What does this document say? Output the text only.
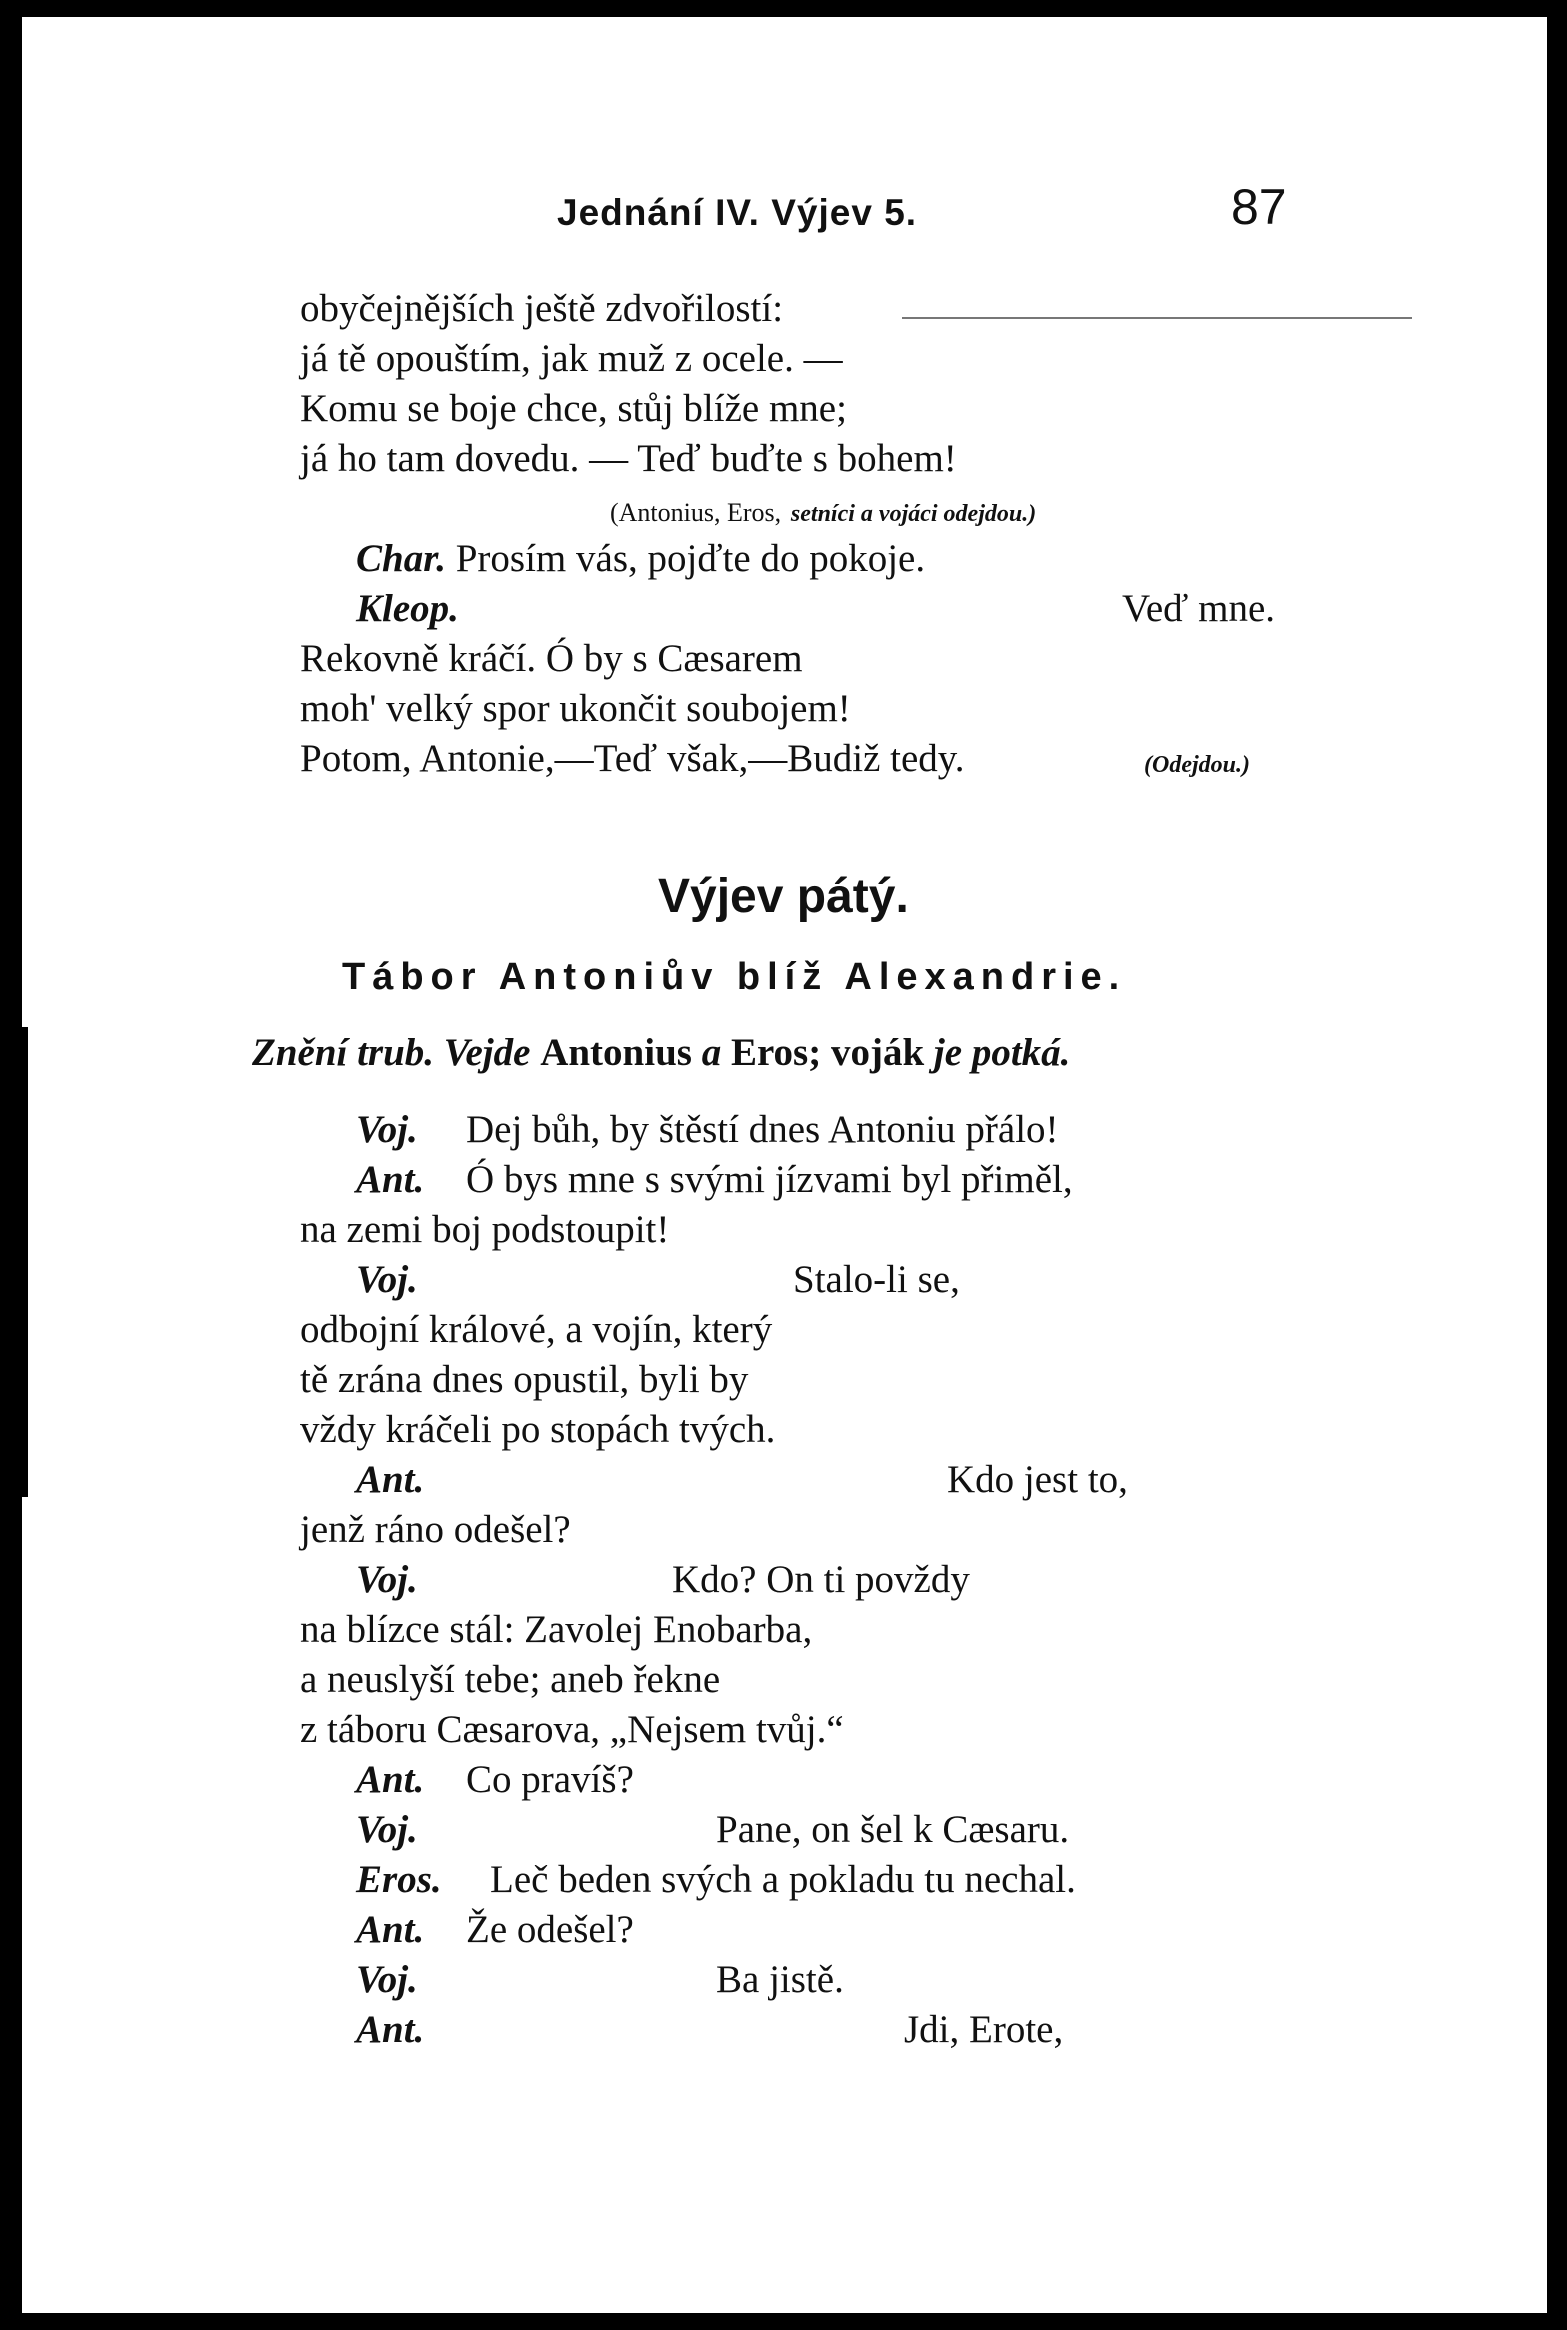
Jednání IV. Výjev 5.	87
obyčejnějších ještě zdvořilostí:
já tě opouštím, jak muž z ocele. —
Komu se boje chce, stůj blíže mne;
já ho tam dovedu. — Teď buďte s bohem!
(Antonius, Eros, setníci a vojáci odejdou.)
Char. Prosím vás, pojďte do pokoje.
Kleop.	Veď mne.
Rekovně kráčí. Ó by s Cæsarem
moh' velký spor ukončit soubojem!
Potom, Antonie,—Teď však,—Budiž tedy.	(Odejdou.)
Výjev pátý.
Tábor Antoniův blíž Alexandrie.
Znění trub. Vejde Antonius a Eros; voják je potká.
Voj. Dej bůh, by štěstí dnes Antoniu přálo!
Ant. Ó bys mne s svými jízvami byl přiměl,
na zemi boj podstoupit!
Voj.	Stalo-li se,
odbojní králové, a vojín, který
tě zrána dnes opustil, byli by
vždy kráčeli po stopách tvých.
Ant.	Kdo jest to,
jenž ráno odešel?
Voj.	Kdo? On ti povždy
na blízce stál: Zavolej Enobarba,
a neuslyší tebe; aneb řekne
z táboru Cæsarova, „Nejsem tvůj.“
Ant. Co pravíš?
Voj.	Pane, on šel k Cæsaru.
Eros. Leč beden svých a pokladu tu nechal.
Ant. Že odešel?
Voj.	Ba jistě.
Ant.	Jdi, Erote,
